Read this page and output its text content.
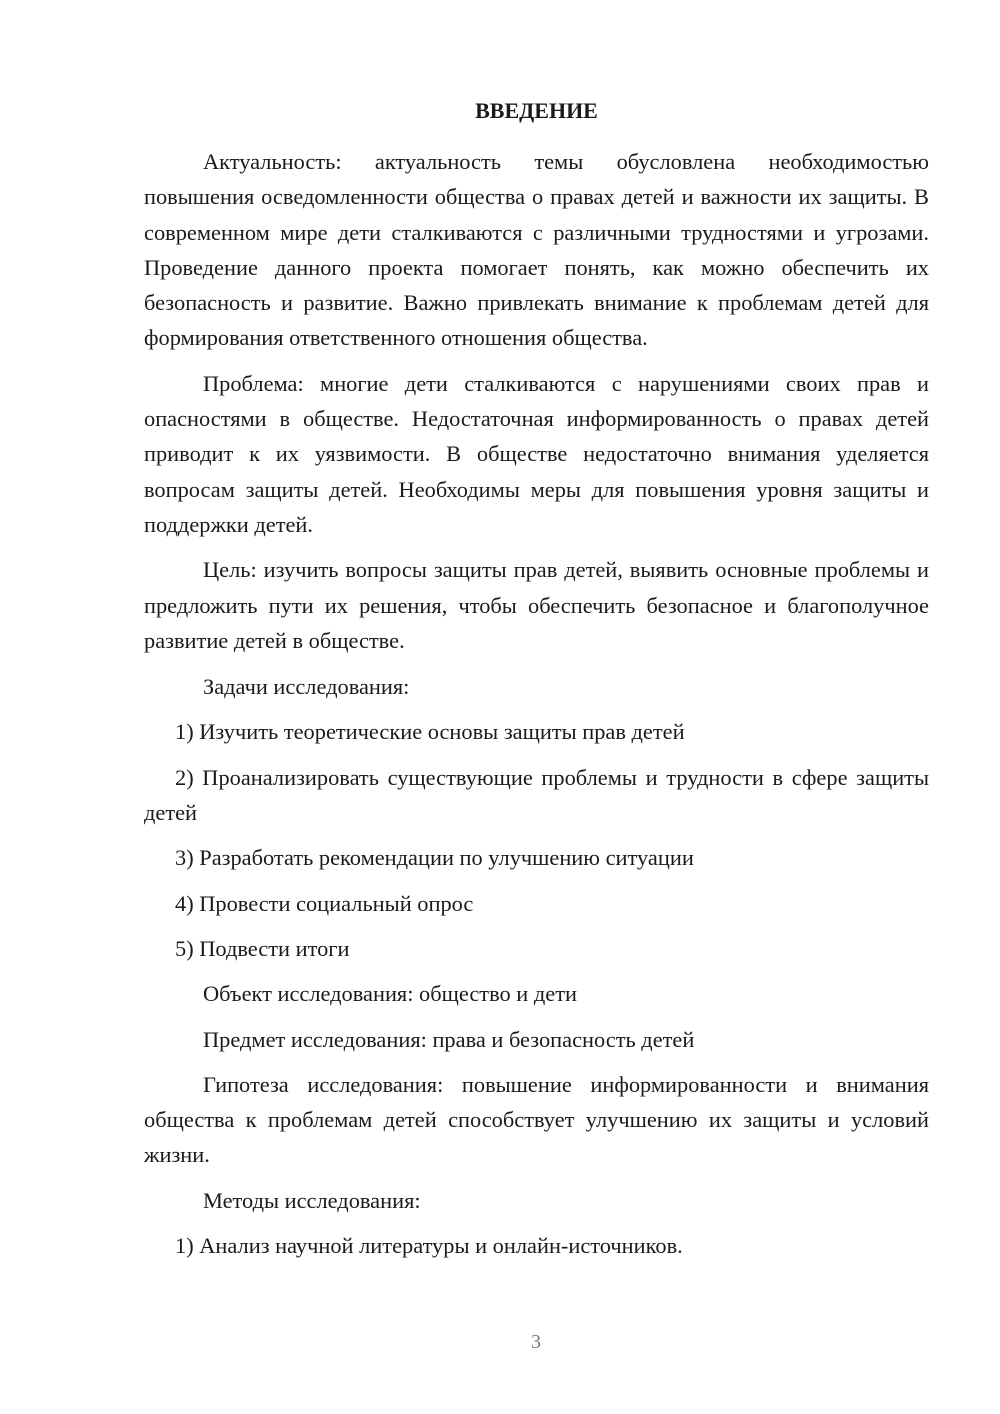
ВВЕДЕНИЕ

Актуальность: актуальность темы обусловлена необходимостью повышения осведомленности общества о правах детей и важности их защиты. В современном мире дети сталкиваются с различными трудностями и угрозами. Проведение данного проекта помогает понять, как можно обеспечить их безопасность и развитие. Важно привлекать внимание к проблемам детей для формирования ответственного отношения общества.

Проблема: многие дети сталкиваются с нарушениями своих прав и опасностями в обществе. Недостаточная информированность о правах детей приводит к их уязвимости. В обществе недостаточно внимания уделяется вопросам защиты детей. Необходимы меры для повышения уровня защиты и поддержки детей.

Цель: изучить вопросы защиты прав детей, выявить основные проблемы и предложить пути их решения, чтобы обеспечить безопасное и благополучное развитие детей в обществе.

Задачи исследования:
1) Изучить теоретические основы защиты прав детей
2) Проанализировать существующие проблемы и трудности в сфере защиты детей
3) Разработать рекомендации по улучшению ситуации
4) Провести социальный опрос
5) Подвести итоги
Объект исследования: общество и дети
Предмет исследования: права и безопасность детей

Гипотеза исследования: повышение информированности и внимания общества к проблемам детей способствует улучшению их защиты и условий жизни.

Методы исследования:
1) Анализ научной литературы и онлайн-источников.
3
